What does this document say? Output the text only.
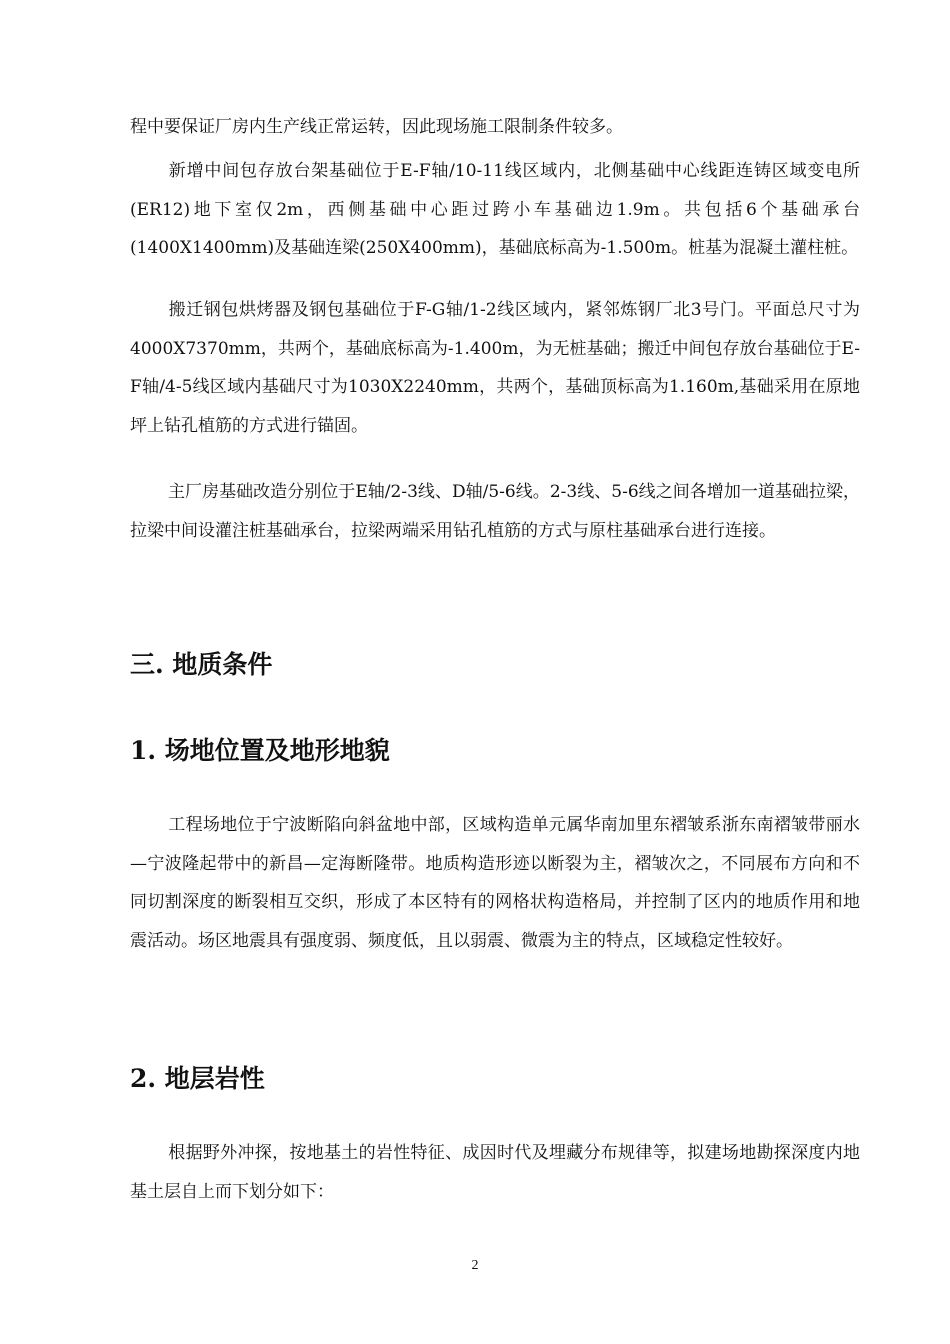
程中要保证厂房内生产线正常运转，因此现场施工限制条件较多。

新增中间包存放台架基础位于E-F轴/10-11线区域内，北侧基础中心线距连铸区域变电所(ER12)地下室仅2m，西侧基础中心距过跨小车基础边1.9m。共包括6个基础承台(1400X1400mm)及基础连梁(250X400mm)，基础底标高为-1.500m。桩基为混凝土灌柱桩。

搬迁钢包烘烤器及钢包基础位于F-G轴/1-2线区域内，紧邻炼钢厂北3号门。平面总尺寸为4000X7370mm，共两个，基础底标高为-1.400m，为无桩基础；搬迁中间包存放台基础位于E-F轴/4-5线区域内基础尺寸为1030X2240mm，共两个，基础顶标高为1.160m,基础采用在原地坪上钻孔植筋的方式进行锚固。

主厂房基础改造分别位于E轴/2-3线、D轴/5-6线。2-3线、5-6线之间各增加一道基础拉梁，拉梁中间设灌注桩基础承台，拉梁两端采用钻孔植筋的方式与原柱基础承台进行连接。

三. 地质条件
1. 场地位置及地形地貌

工程场地位于宁波断陷向斜盆地中部，区域构造单元属华南加里东褶皱系浙东南褶皱带丽水—宁波隆起带中的新昌—定海断隆带。地质构造形迹以断裂为主，褶皱次之，不同展布方向和不同切割深度的断裂相互交织，形成了本区特有的网格状构造格局，并控制了区内的地质作用和地震活动。场区地震具有强度弱、频度低，且以弱震、微震为主的特点，区域稳定性较好。

2. 地层岩性

根据野外冲探，按地基土的岩性特征、成因时代及埋藏分布规律等，拟建场地勘探深度内地基土层自上而下划分如下：

2
